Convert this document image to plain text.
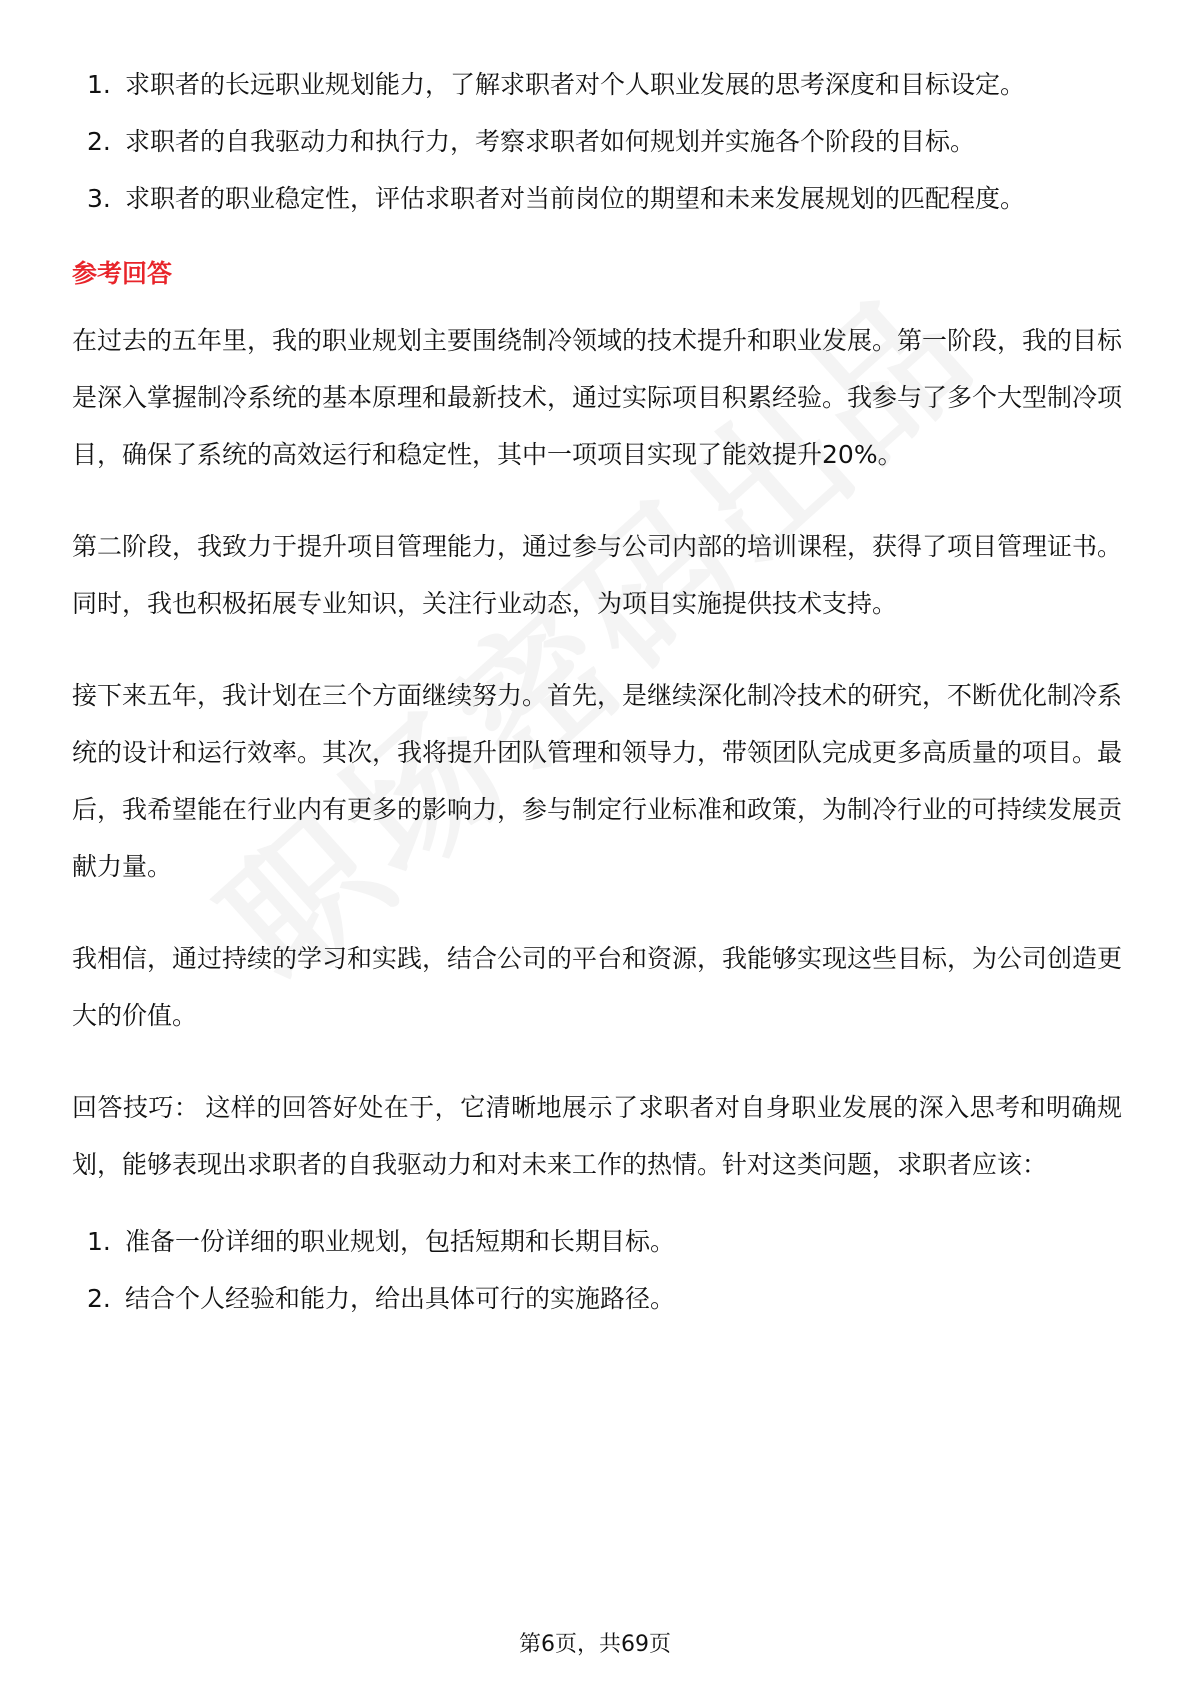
1. 求职者的长远职业规划能力，了解求职者对个人职业发展的思考深度和目标设定。
2. 求职者的自我驱动力和执行力，考察求职者如何规划并实施各个阶段的目标。
3. 求职者的职业稳定性，评估求职者对当前岗位的期望和未来发展规划的匹配程度。
参考回答

在过去的五年里，我的职业规划主要围绕制冷领域的技术提升和职业发展。第一阶段，我的目标是深入掌握制冷系统的基本原理和最新技术，通过实际项目积累经验。我参与了多个大型制冷项目，确保了系统的高效运行和稳定性，其中一项项目实现了能效提升20%。

第二阶段，我致力于提升项目管理能力，通过参与公司内部的培训课程，获得了项目管理证书。同时，我也积极拓展专业知识，关注行业动态，为项目实施提供技术支持。

接下来五年，我计划在三个方面继续努力。首先，是继续深化制冷技术的研究，不断优化制冷系统的设计和运行效率。其次，我将提升团队管理和领导力，带领团队完成更多高质量的项目。最后，我希望能在行业内有更多的影响力，参与制定行业标准和政策，为制冷行业的可持续发展贡献力量。

我相信，通过持续的学习和实践，结合公司的平台和资源，我能够实现这些目标，为公司创造更大的价值。

回答技巧： 这样的回答好处在于，它清晰地展示了求职者对自身职业发展的深入思考和明确规划，能够表现出求职者的自我驱动力和对未来工作的热情。针对这类问题，求职者应该：

1. 准备一份详细的职业规划，包括短期和长期目标。
2. 结合个人经验和能力，给出具体可行的实施路径。
第6页，共69页
